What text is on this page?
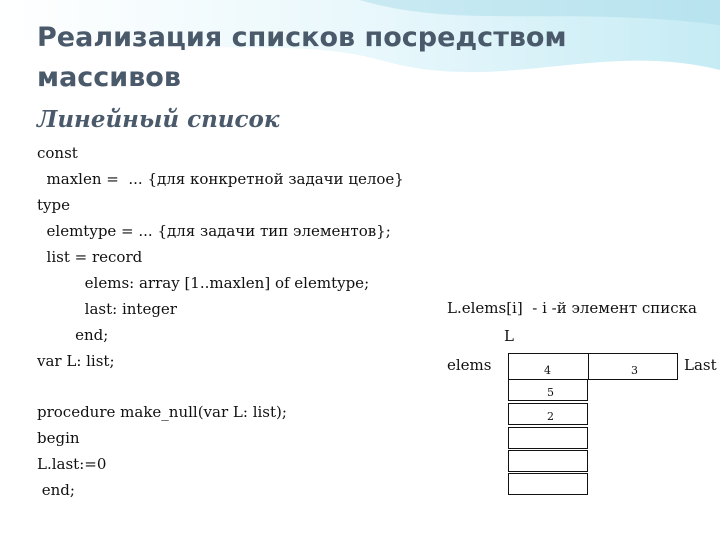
Реализация списков посредством массивов
Линейный список
const
maxlen =  ... {для конкретной задачи целое}
type
elemtype = ... {для задачи тип элементов};
list = record
elems: array [1..maxlen] of elemtype;
last: integer
end;
var L: list;
procedure make_null(var L: list);
begin
L.last:=0
end;
L.elems[i]  - i -й элемент списка
L
elems	Last
4
5
2
3
